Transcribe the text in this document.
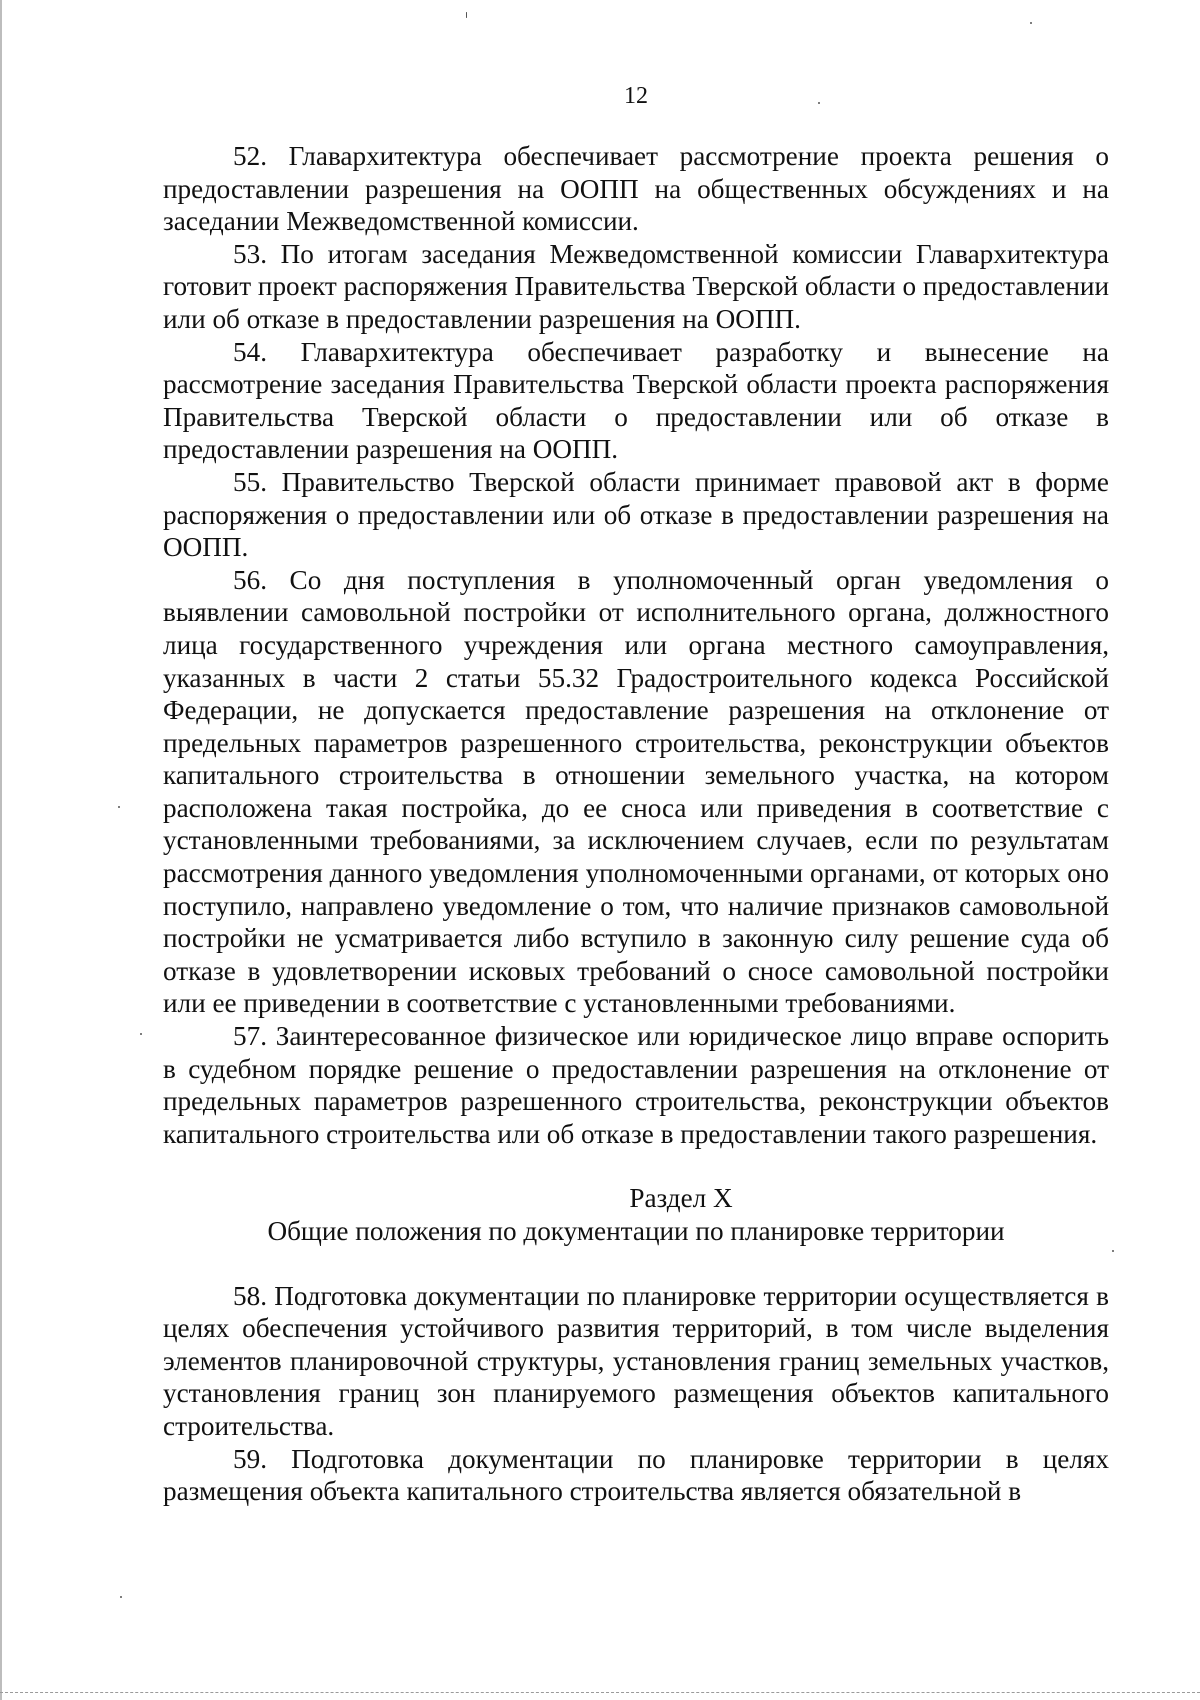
12

52. Главархитектура обеспечивает рассмотрение проекта решения о предоставлении разрешения на ООПП на общественных обсуждениях и на заседании Межведомственной комиссии.

53. По итогам заседания Межведомственной комиссии Главархитектура готовит проект распоряжения Правительства Тверской области о предоставлении или об отказе в предоставлении разрешения на ООПП.

54. Главархитектура обеспечивает разработку и вынесение на рассмотрение заседания Правительства Тверской области проекта распоряжения Правительства Тверской области о предоставлении или об отказе в предоставлении разрешения на ООПП.

55. Правительство Тверской области принимает правовой акт в форме распоряжения о предоставлении или об отказе в предоставлении разрешения на ООПП.

56. Со дня поступления в уполномоченный орган уведомления о выявлении самовольной постройки от исполнительного органа, должностного лица государственного учреждения или органа местного самоуправления, указанных в части 2 статьи 55.32 Градостроительного кодекса Российской Федерации, не допускается предоставление разрешения на отклонение от предельных параметров разрешенного строительства, реконструкции объектов капитального строительства в отношении земельного участка, на котором расположена такая постройка, до ее сноса или приведения в соответствие с установленными требованиями, за исключением случаев, если по результатам рассмотрения данного уведомления уполномоченными органами, от которых оно поступило, направлено уведомление о том, что наличие признаков самовольной постройки не усматривается либо вступило в законную силу решение суда об отказе в удовлетворении исковых требований о сносе самовольной постройки или ее приведении в соответствие с установленными требованиями.

57. Заинтересованное физическое или юридическое лицо вправе оспорить в судебном порядке решение о предоставлении разрешения на отклонение от предельных параметров разрешенного строительства, реконструкции объектов капитального строительства или об отказе в предоставлении такого разрешения.

Раздел X

Общие положения по документации по планировке территории

58. Подготовка документации по планировке территории осуществляется в целях обеспечения устойчивого развития территорий, в том числе выделения элементов планировочной структуры, установления границ земельных участков, установления границ зон планируемого размещения объектов капитального строительства.

59. Подготовка документации по планировке территории в целях размещения объекта капитального строительства является обязательной в
